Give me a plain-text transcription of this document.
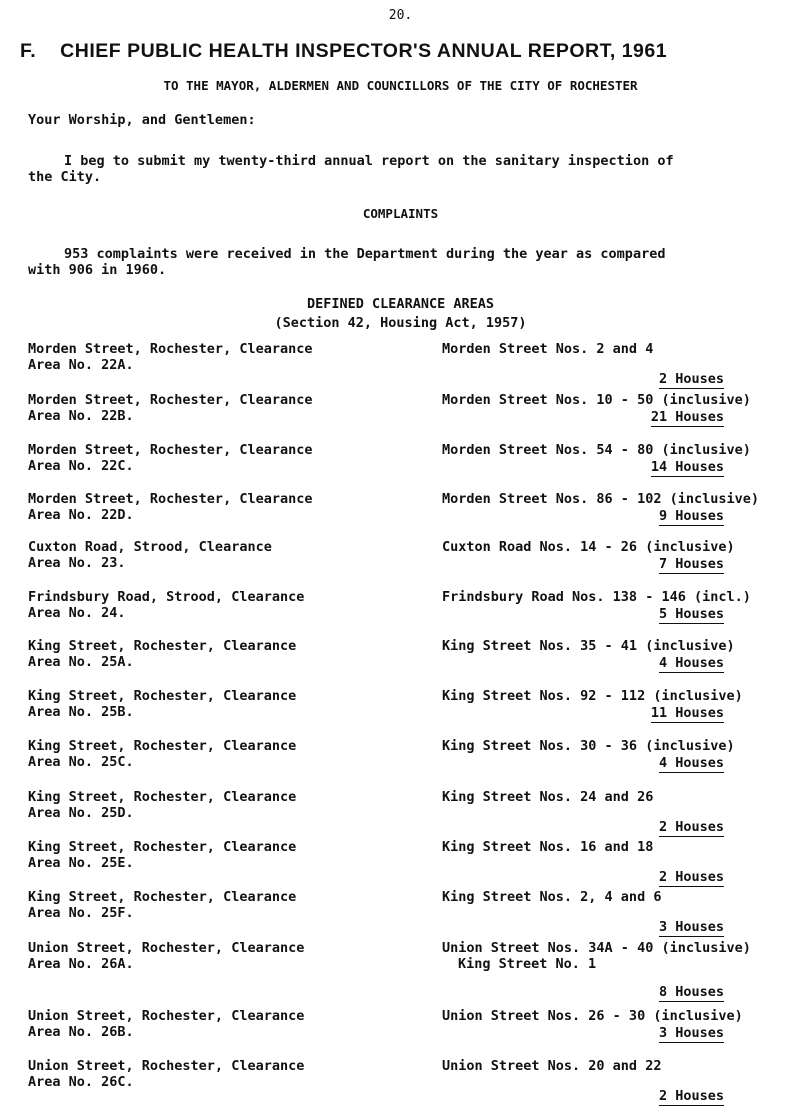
20.
F. CHIEF PUBLIC HEALTH INSPECTOR'S ANNUAL REPORT, 1961
TO THE MAYOR, ALDERMEN AND COUNCILLORS OF THE CITY OF ROCHESTER
Your Worship, and Gentlemen:
I beg to submit my twenty-third annual report on the sanitary inspection of
the City.
COMPLAINTS
953 complaints were received in the Department during the year as compared
with 906 in 1960.
DEFINED CLEARANCE AREAS
(Section 42, Housing Act, 1957)
Morden Street, Rochester, Clearance
Area No. 22A.
Morden Street Nos. 2 and 4
2 Houses
Morden Street, Rochester, Clearance
Area No. 22B.
Morden Street Nos. 10 - 50 (inclusive)
21 Houses
Morden Street, Rochester, Clearance
Area No. 22C.
Morden Street Nos. 54 - 80 (inclusive)
14 Houses
Morden Street, Rochester, Clearance
Area No. 22D.
Morden Street Nos. 86 - 102 (inclusive)
9 Houses
Cuxton Road, Strood, Clearance
Area No. 23.
Cuxton Road Nos. 14 - 26 (inclusive)
7 Houses
Frindsbury Road, Strood, Clearance
Area No. 24.
Frindsbury Road Nos. 138 - 146 (incl.)
5 Houses
King Street, Rochester, Clearance
Area No. 25A.
King Street Nos. 35 - 41 (inclusive)
4 Houses
King Street, Rochester, Clearance
Area No. 25B.
King Street Nos. 92 - 112 (inclusive)
11 Houses
King Street, Rochester, Clearance
Area No. 25C.
King Street Nos. 30 - 36 (inclusive)
4 Houses
King Street, Rochester, Clearance
Area No. 25D.
King Street Nos. 24 and 26
2 Houses
King Street, Rochester, Clearance
Area No. 25E.
King Street Nos. 16 and 18
2 Houses
King Street, Rochester, Clearance
Area No. 25F.
King Street Nos. 2, 4 and 6
3 Houses
Union Street, Rochester, Clearance
Area No. 26A.
Union Street Nos. 34A - 40 (inclusive)
King Street No. 1
8 Houses
Union Street, Rochester, Clearance
Area No. 26B.
Union Street Nos. 26 - 30 (inclusive)
3 Houses
Union Street, Rochester, Clearance
Area No. 26C.
Union Street Nos. 20 and 22
2 Houses
